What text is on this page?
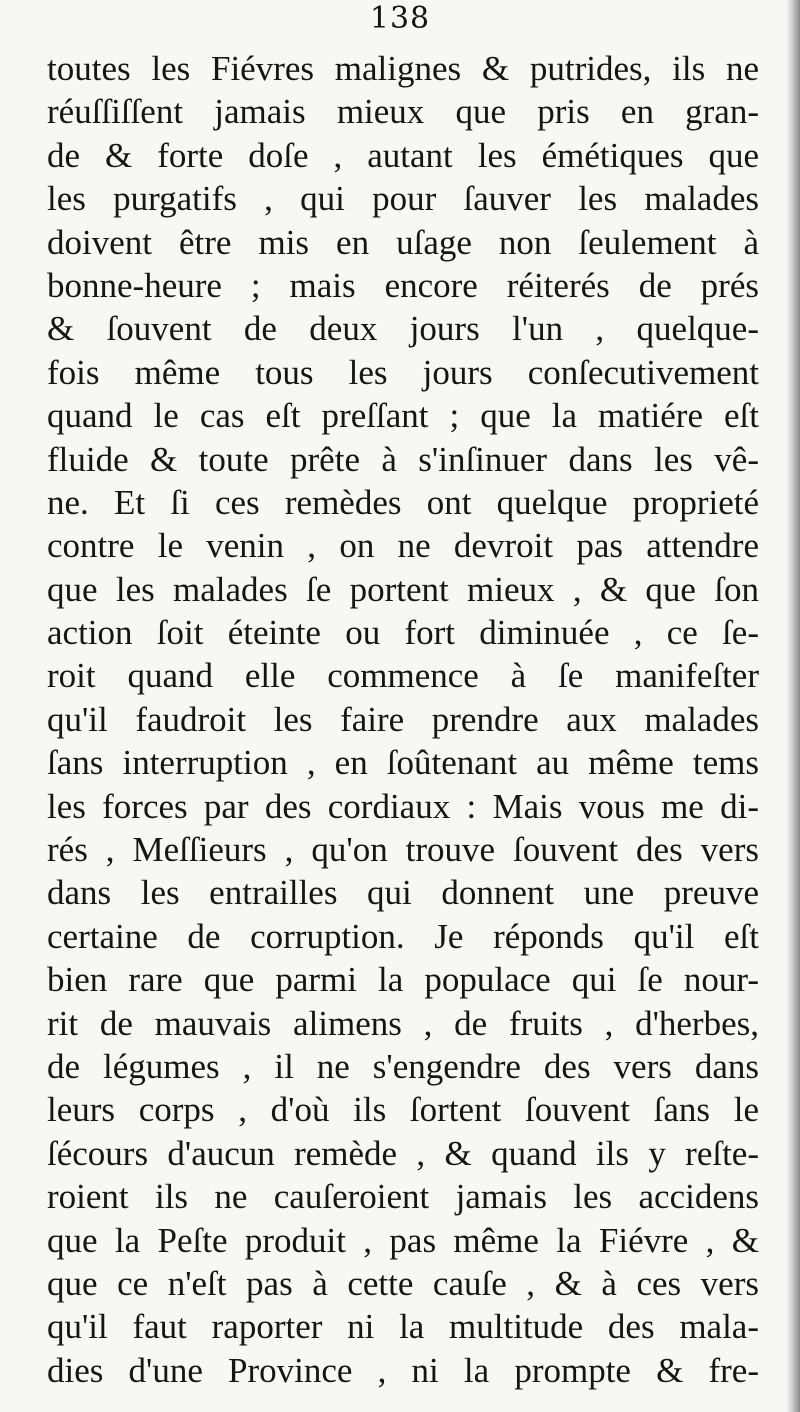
138
toutes les Fiévres malignes & putrides, ils ne
réuſſiſſent jamais mieux que pris en gran-
de & forte doſe , autant les émétiques que
les purgatifs , qui pour ſauver les malades
doivent être mis en uſage non ſeulement à
bonne-heure ; mais encore réiterés de prés
& ſouvent de deux jours l'un , quelque-
fois même tous les jours conſecutivement
quand le cas eſt preſſant ; que la matiére eſt
fluide & toute prête à s'inſinuer dans les vê-
ne. Et ſi ces remèdes ont quelque proprieté
contre le venin , on ne devroit pas attendre
que les malades ſe portent mieux , & que ſon
action ſoit éteinte ou fort diminuée , ce ſe-
roit quand elle commence à ſe manifeſter
qu'il faudroit les faire prendre aux malades
ſans interruption , en ſoûtenant au même tems
les forces par des cordiaux : Mais vous me di-
rés , Meſſieurs , qu'on trouve ſouvent des vers
dans les entrailles qui donnent une preuve
certaine de corruption. Je réponds qu'il eſt
bien rare que parmi la populace qui ſe nour-
rit de mauvais alimens , de fruits , d'herbes,
de légumes , il ne s'engendre des vers dans
leurs corps , d'où ils ſortent ſouvent ſans le
ſécours d'aucun remède , & quand ils y reſte-
roient ils ne cauſeroient jamais les accidens
que la Peſte produit , pas même la Fiévre , &
que ce n'eſt pas à cette cauſe , & à ces vers
qu'il faut raporter ni la multitude des mala-
dies d'une Province , ni la prompte & fre-
